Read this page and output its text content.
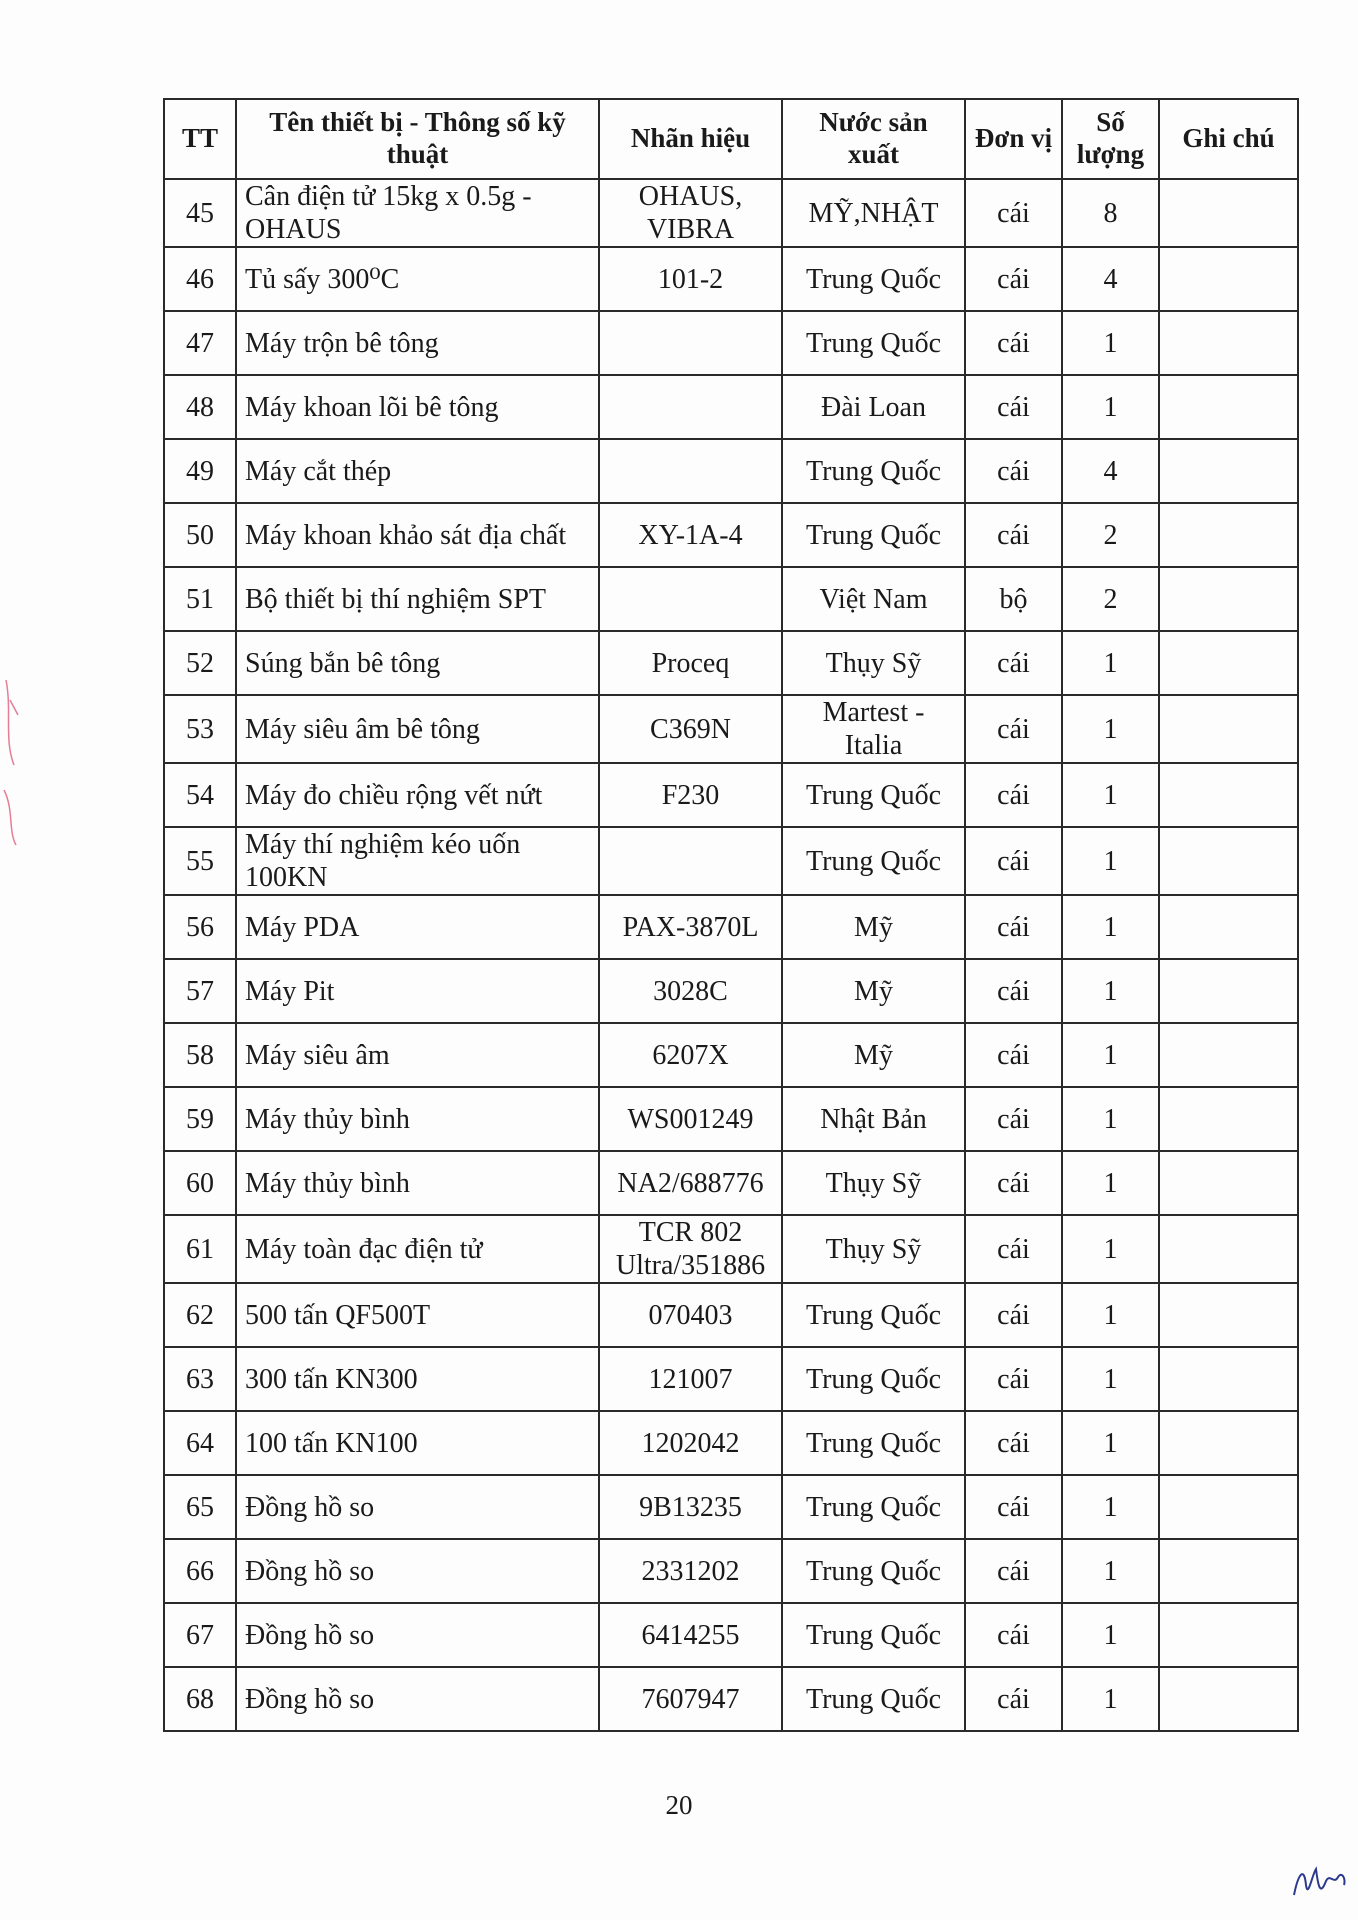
TT	Tên thiết bị - Thông số kỹ thuật	Nhãn hiệu	Nước sản xuất	Đơn vị	Số lượng	Ghi chú
45	Cân điện tử 15kg x 0.5g - OHAUS	OHAUS, VIBRA	MỸ,NHẬT	cái	8	
46	Tủ sấy 300⁰C	101-2	Trung Quốc	cái	4	
47	Máy trộn bê tông		Trung Quốc	cái	1	
48	Máy khoan lõi bê tông		Đài Loan	cái	1	
49	Máy cắt thép		Trung Quốc	cái	4	
50	Máy khoan khảo sát địa chất	XY-1A-4	Trung Quốc	cái	2	
51	Bộ thiết bị thí nghiệm SPT		Việt Nam	bộ	2	
52	Súng bắn bê tông	Proceq	Thụy Sỹ	cái	1	
53	Máy siêu âm bê tông	C369N	Martest - Italia	cái	1	
54	Máy đo chiều rộng vết nứt	F230	Trung Quốc	cái	1	
55	Máy thí nghiệm kéo uốn 100KN		Trung Quốc	cái	1	
56	Máy PDA	PAX-3870L	Mỹ	cái	1	
57	Máy Pit	3028C	Mỹ	cái	1	
58	Máy siêu âm	6207X	Mỹ	cái	1	
59	Máy thủy bình	WS001249	Nhật Bản	cái	1	
60	Máy thủy bình	NA2/688776	Thụy Sỹ	cái	1	
61	Máy toàn đạc điện tử	TCR 802 Ultra/351886	Thụy Sỹ	cái	1	
62	500 tấn QF500T	070403	Trung Quốc	cái	1	
63	300 tấn KN300	121007	Trung Quốc	cái	1	
64	100 tấn KN100	1202042	Trung Quốc	cái	1	
65	Đồng hồ so	9B13235	Trung Quốc	cái	1	
66	Đồng hồ so	2331202	Trung Quốc	cái	1	
67	Đồng hồ so	6414255	Trung Quốc	cái	1	
68	Đồng hồ so	7607947	Trung Quốc	cái	1	
20
